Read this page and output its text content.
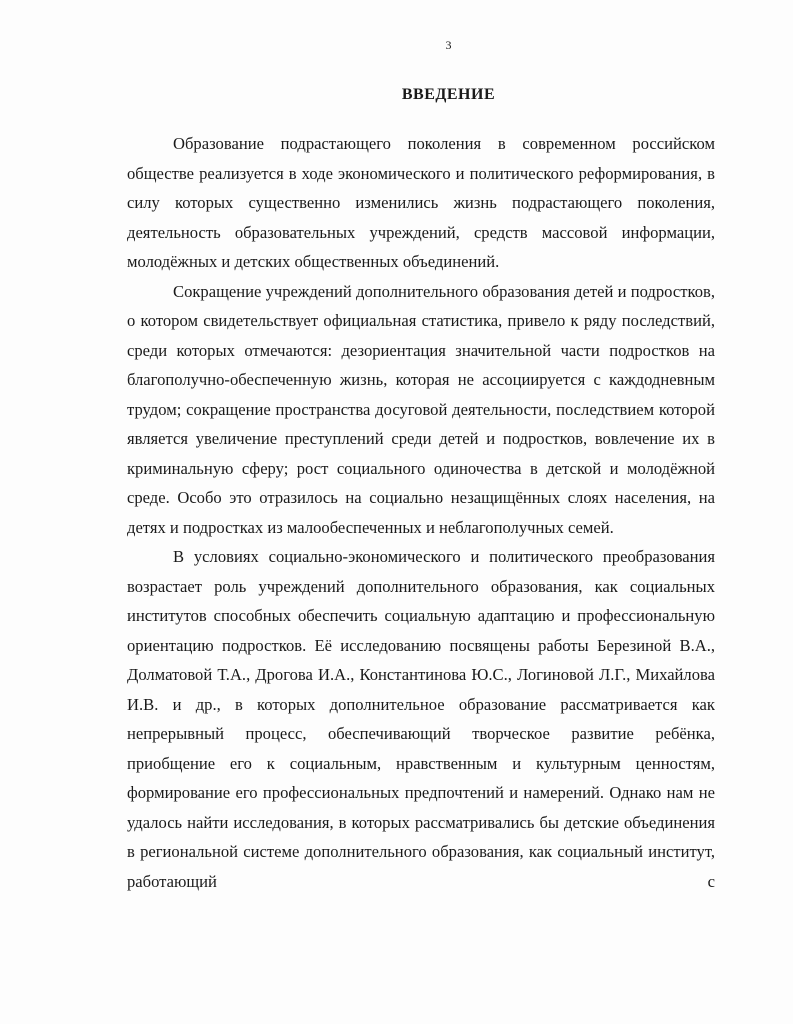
3
ВВЕДЕНИЕ

Образование подрастающего поколения в современном российском обществе реализуется в ходе экономического и политического реформирования, в силу которых существенно изменились жизнь подрастающего поколения, деятельность образовательных учреждений, средств массовой информации, молодёжных и детских общественных объединений.

Сокращение учреждений дополнительного образования детей и подростков, о котором свидетельствует официальная статистика, привело к ряду последствий, среди которых отмечаются: дезориентация значительной части подростков на благополучно-обеспеченную жизнь, которая не ассоциируется с каждодневным трудом; сокращение пространства досуговой деятельности, последствием которой является увеличение преступлений среди детей и подростков, вовлечение их в криминальную сферу; рост социального одиночества в детской и молодёжной среде. Особо это отразилось на социально незащищённых слоях населения, на детях и подростках из малообеспеченных и неблагополучных семей.

В условиях социально-экономического и политического преобразования возрастает роль учреждений дополнительного образования, как социальных институтов способных обеспечить социальную адаптацию и профессиональную ориентацию подростков. Её исследованию посвящены работы Березиной В.А., Долматовой Т.А., Дрогова И.А., Константинова Ю.С., Логиновой Л.Г., Михайлова И.В. и др., в которых дополнительное образование рассматривается как непрерывный процесс, обеспечивающий творческое развитие ребёнка, приобщение его к социальным, нравственным и культурным ценностям, формирование его профессиональных предпочтений и намерений. Однако нам не удалось найти исследования, в которых рассматривались бы детские объединения в региональной системе дополнительного образования, как социальный институт, работающий с
